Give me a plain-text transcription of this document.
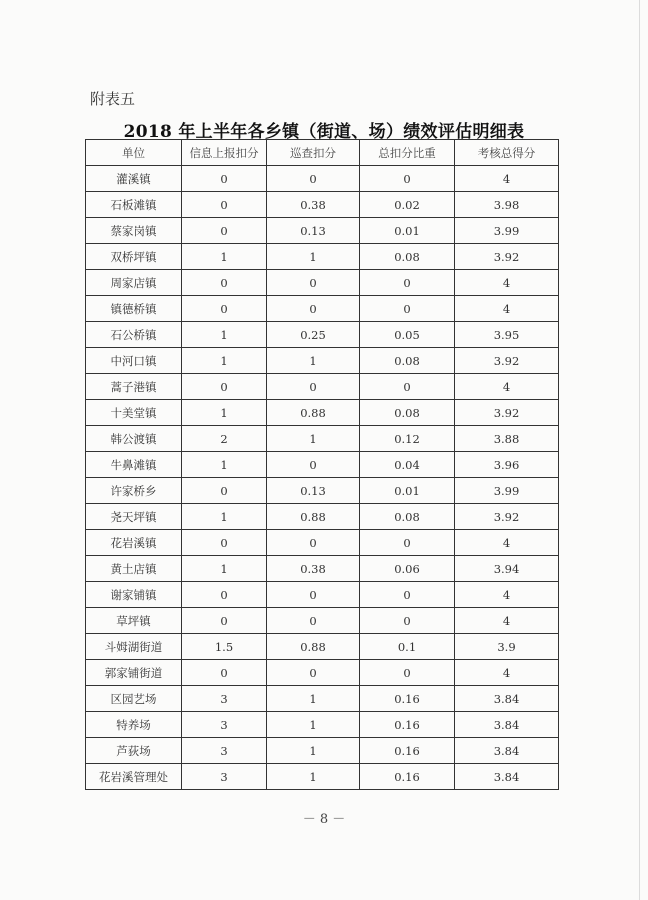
附表五
2018 年上半年各乡镇（街道、场）绩效评估明细表
单位	信息上报扣分	巡查扣分	总扣分比重	考核总得分
灌溪镇	0	0	0	4
石板滩镇	0	0.38	0.02	3.98
蔡家岗镇	0	0.13	0.01	3.99
双桥坪镇	1	1	0.08	3.92
周家店镇	0	0	0	4
镇德桥镇	0	0	0	4
石公桥镇	1	0.25	0.05	3.95
中河口镇	1	1	0.08	3.92
蒿子港镇	0	0	0	4
十美堂镇	1	0.88	0.08	3.92
韩公渡镇	2	1	0.12	3.88
牛鼻滩镇	1	0	0.04	3.96
许家桥乡	0	0.13	0.01	3.99
尧天坪镇	1	0.88	0.08	3.92
花岩溪镇	0	0	0	4
黄土店镇	1	0.38	0.06	3.94
谢家铺镇	0	0	0	4
草坪镇	0	0	0	4
斗姆湖街道	1.5	0.88	0.1	3.9
郭家铺街道	0	0	0	4
区园艺场	3	1	0.16	3.84
特养场	3	1	0.16	3.84
芦荻场	3	1	0.16	3.84
花岩溪管理处	3	1	0.16	3.84
－ 8 －
